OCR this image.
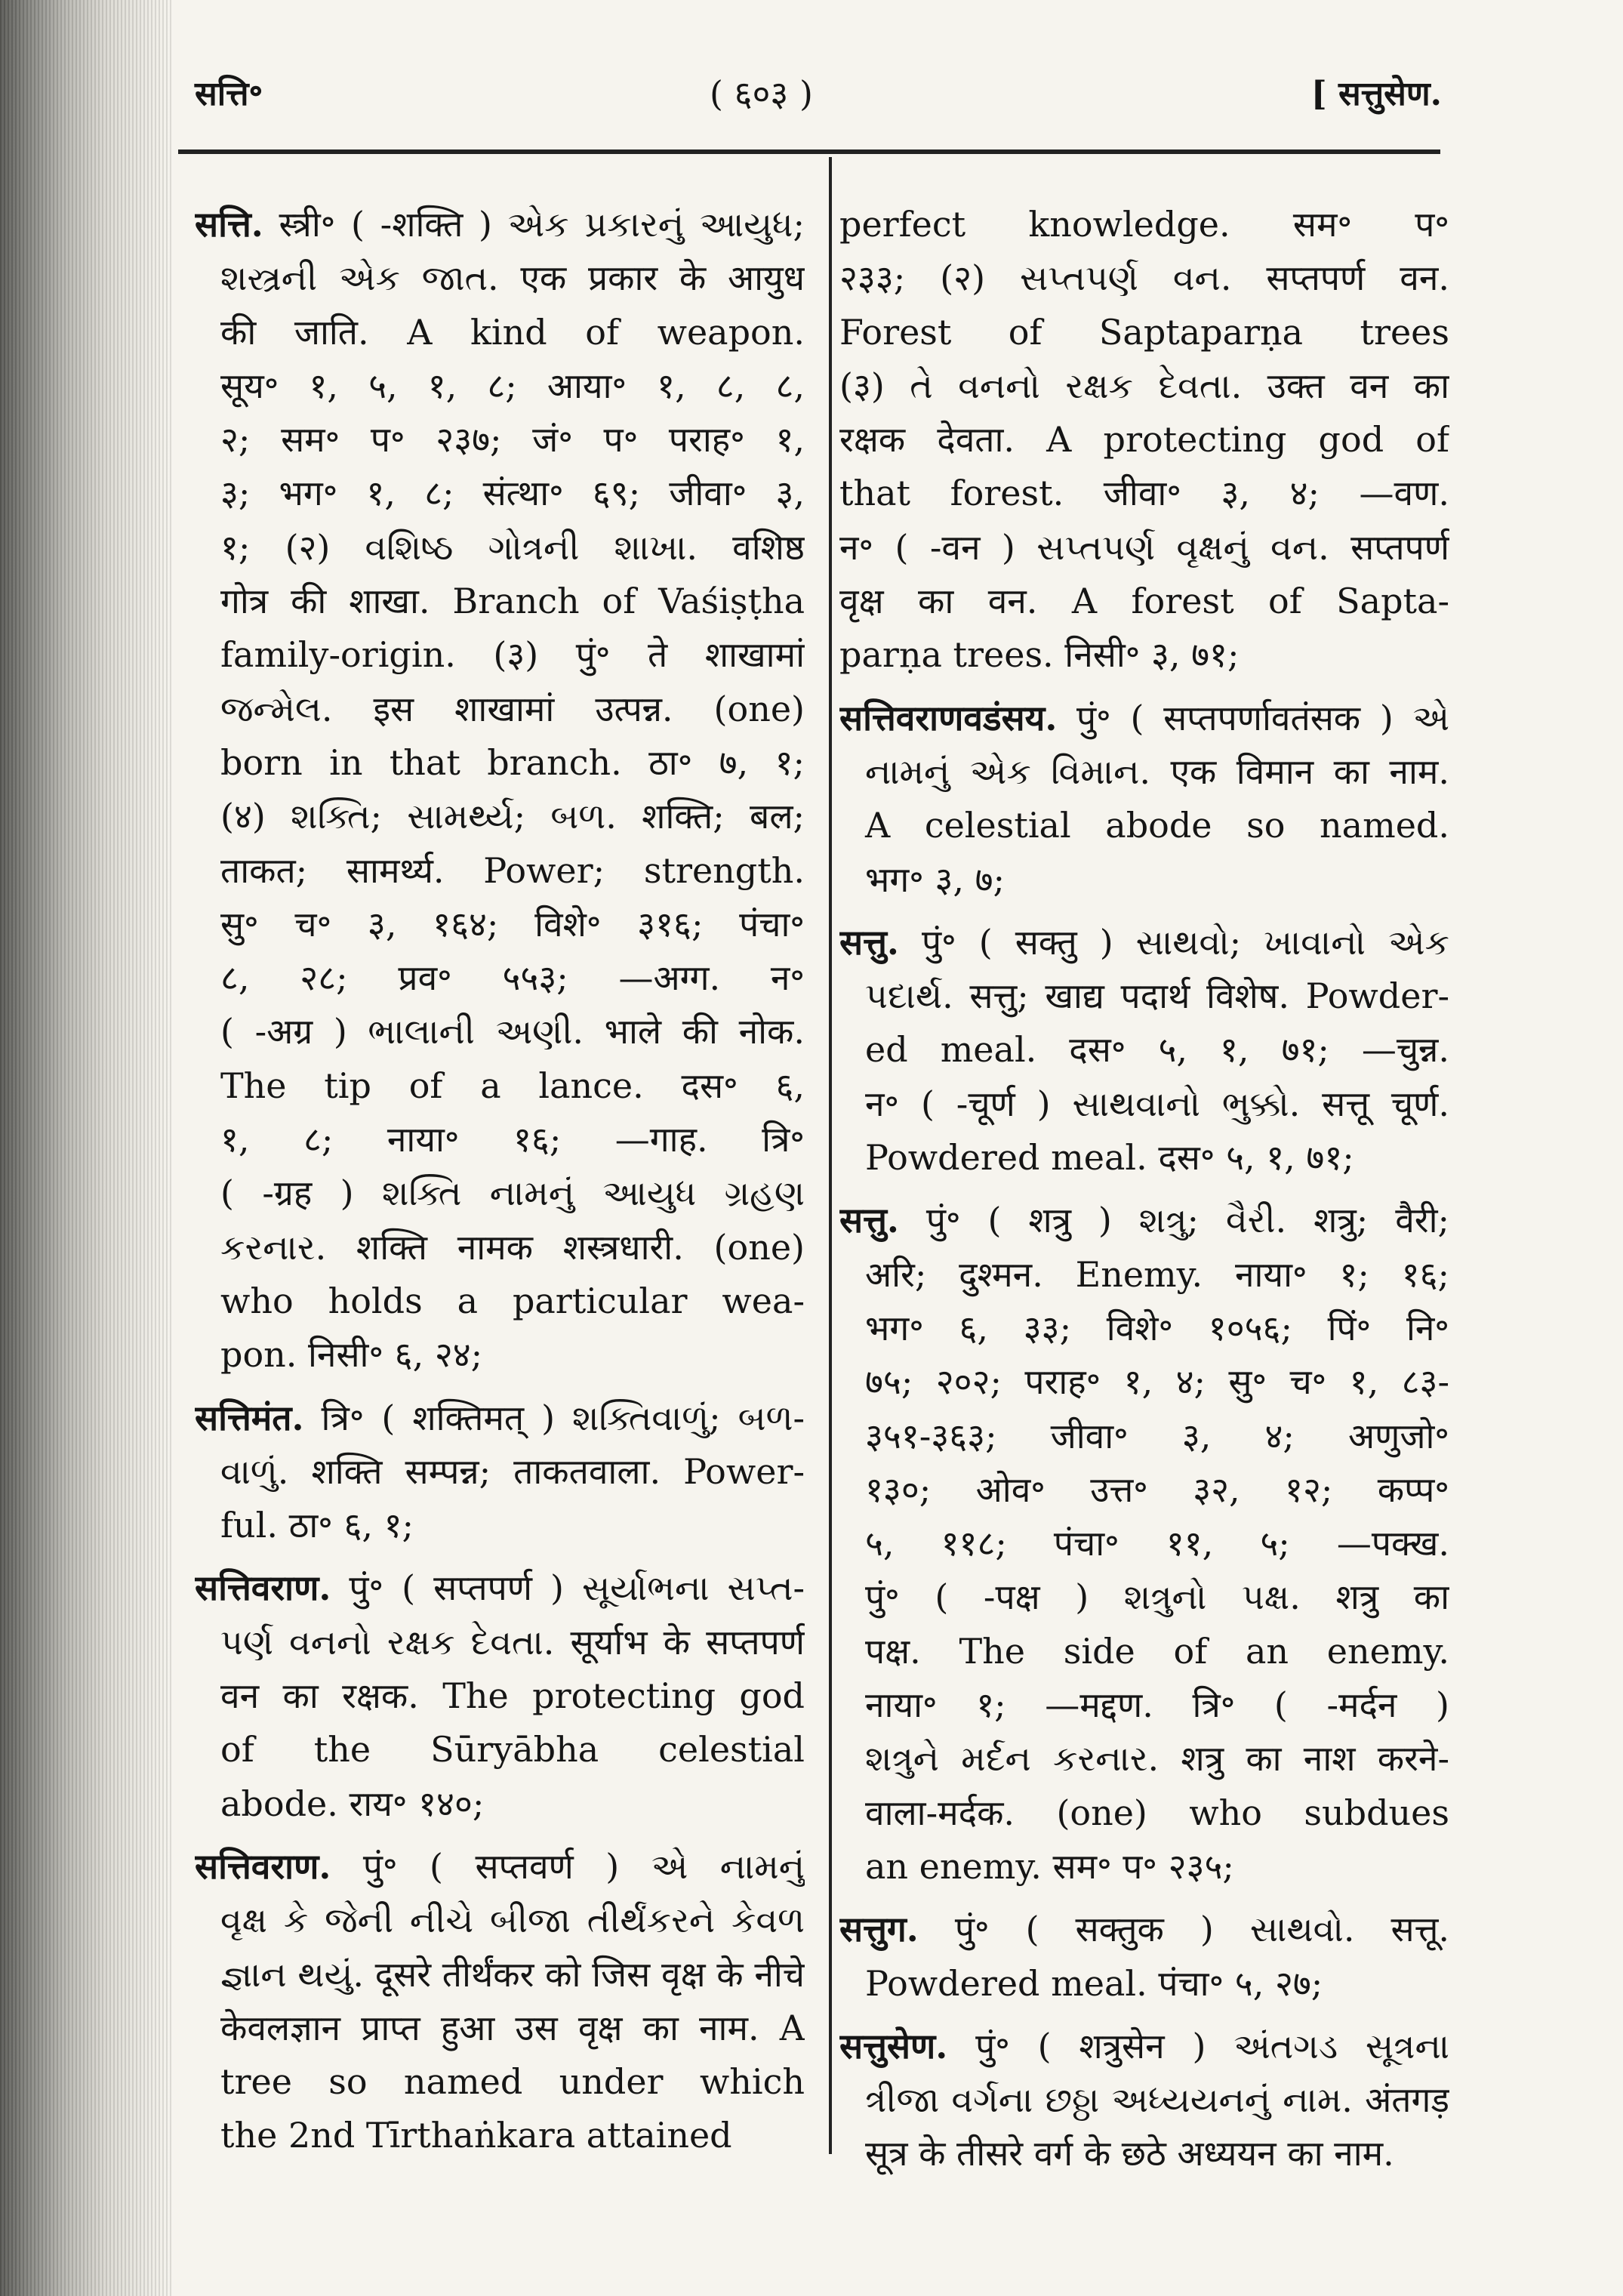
सत्ति॰	( ६०३ )	[ सत्तुसेण.
सत्ति. स्त्री॰ ( -शक्ति ) એક પ્રકારનું આયુધ;
શસ્ત્રની એક જાત. एक प्रकार के आयुध
की जाति. A kind of weapon.
सूय॰ १, ५, १, ८; आया॰ १, ८, ८,
२; सम॰ प॰ २३७; जं॰ प॰ पराह॰ १,
३; भग॰ १, ८; संत्था॰ ६९; जीवा॰ ३,
१; (२) વશિષ્ઠ ગોત્રની શાખા. वशिष्ठ
गोत्र की शाखा. Branch of Vaśiṣṭha
family-origin. (३) पुं॰ ते शाखामां
જન્મેલ. इस शाखामां उत्पन्न. (one)
born in that branch. ठा॰ ७, १;
(४) શક્તિ; સામર્થ્ય; બળ. शक्ति; बल;
ताकत; सामर्थ्य. Power; strength.
सु॰ च॰ ३, १६४; विशे॰ ३१६; पंचा॰
८, २८; प्रव॰ ५५३; —अग्ग. न॰
( -अग्र ) ભાલાની અણી. भाले की नोक.
The tip of a lance. दस॰ ६,
१, ८; नाया॰ १६; —गाह. त्रि॰
( -ग्रह ) શક્તિ નામનું આયુધ ગ્રહણ
કરનાર. शक्ति नामक शस्त्रधारी. (one)
who holds a particular wea-
pon. निसी॰ ६, २४;
सत्तिमंत. त्रि॰ ( शक्तिमत् ) શક્તિવાળું; બળ-
વાળું. शक्ति सम्पन्न; ताकतवाला. Power-
ful. ठा॰ ६, १;
सत्तिवराण. पुं॰ ( सप्तपर्ण ) સૂર્યાભના સપ્ત-
પર્ણ વનનો રક્ષક દેવતા. सूर्याभ के सप्तपर्ण
वन का रक्षक. The protecting god
of the Sūryābha celestial
abode. राय॰ १४०;
सत्तिवराण. पुं॰ ( सप्तवर्ण ) એ નામનું
વૃક્ષ કે જેની નીચે બીજા તીર્થંકરને કેવળ
જ્ઞાન થયું. दूसरे तीर्थंकर को जिस वृक्ष के नीचे
केवलज्ञान प्राप्त हुआ उस वृक्ष का नाम. A
tree so named under which
the 2nd Tīrthaṅkara attained
perfect knowledge. सम॰ प॰
२३३; (२) સપ્તપર્ણ વન. सप्तपर्ण वन.
Forest of Saptaparṇa trees
(३) તે વનનો રક્ષક દેવતા. उक्त वन का
रक्षक देवता. A protecting god of
that forest. जीवा॰ ३, ४; —वण.
न॰ ( -वन ) સપ્તપર્ણ વૃક્ષનું વન. सप्तपर्ण
वृक्ष का वन. A forest of Sapta-
parṇa trees. निसी॰ ३, ७१;
सत्तिवराणवडंसय. पुं॰ ( सप्तपर्णावतंसक ) એ
નામનું એક વિમાન. एक विमान का नाम.
A celestial abode so named.
भग॰ ३, ७;
सत्तु. पुं॰ ( सक्तु ) સાથવો; ખાવાનો એક
પદાર્થ. सत्तु; खाद्य पदार्थ विशेष. Powder-
ed meal. दस॰ ५, १, ७१; —चुन्न.
न॰ ( -चूर्ण ) સાથવાનો ભુક્કો. सत्तू चूर्ण.
Powdered meal. दस॰ ५, १, ७१;
सत्तु. पुं॰ ( शत्रु ) શત્રુ; વૈરી. शत्रु; वैरी;
अरि; दुश्मन. Enemy. नाया॰ १; १६;
भग॰ ६, ३३; विशे॰ १०५६; पिं॰ नि॰
७५; २०२; पराह॰ १, ४; सु॰ च॰ १, ८३-
३५१-३६३; जीवा॰ ३, ४; अणुजो॰
१३०; ओव॰ उत्त॰ ३२, १२; कप्प॰
५, ११८; पंचा॰ ११, ५; —पक्ख.
पुं॰ ( -पक्ष ) શત્રુનો પક્ષ. शत्रु का
पक्ष. The side of an enemy.
नाया॰ १; —मद्दण. त्रि॰ ( -मर्दन )
શત્રુને મર્દન કરનાર. शत्रु का नाश करने-
वाला-मर्दक. (one) who subdues
an enemy. सम॰ प॰ २३५;
सत्तुग. पुं॰ ( सक्तुक ) સાથવો. सत्तू.
Powdered meal. पंचा॰ ५, २७;
सत्तुसेण. पुं॰ ( शत्रुसेन ) અંતગડ સૂત્રના
ત્રીજા વર્ગના છઠ્ઠા અધ્યયનનું નામ. अंतगड़
सूत्र के तीसरे वर्ग के छठे अध्ययन का नाम.
